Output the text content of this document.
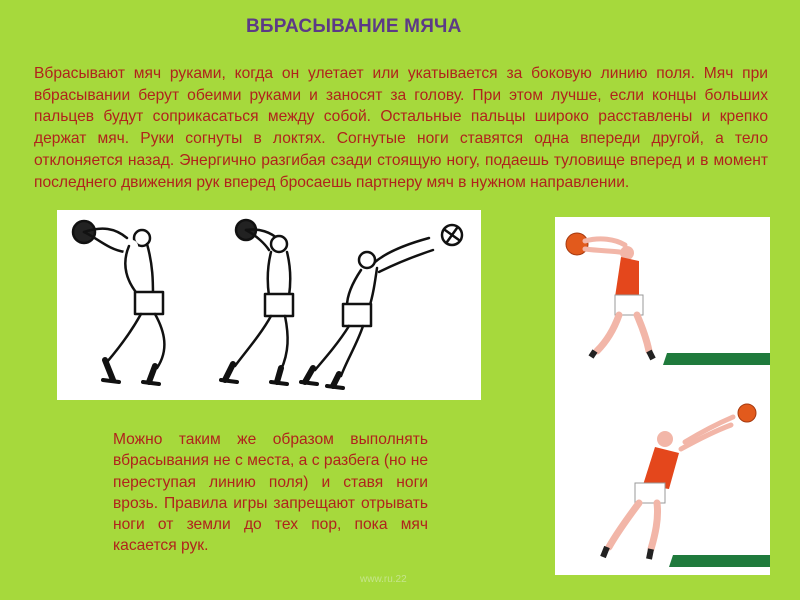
ВБРАСЫВАНИЕ МЯЧА

Вбрасывают мяч руками, когда он улетает или укатывается за боковую линию поля. Мяч при вбрасывании берут обеими руками и заносят за голову. При этом лучше, если концы больших пальцев будут соприкасаться между собой. Остальные пальцы широко расставлены и крепко держат мяч. Руки согнуты в локтях. Согнутые ноги ставятся одна впереди другой, а тело отклоняется назад. Энергично разгибая сзади стоящую ногу, подаешь туловище вперед и в момент последнего движения рук вперед бросаешь партнеру мяч в нужном направлении.

Можно таким же образом выполнять вбрасывания не с места, а с разбега (но не переступая линию поля) и ставя ноги врозь. Правила игры запрещают отрывать ноги от земли до тех пор, пока мяч касается рук.

www.ru.22
